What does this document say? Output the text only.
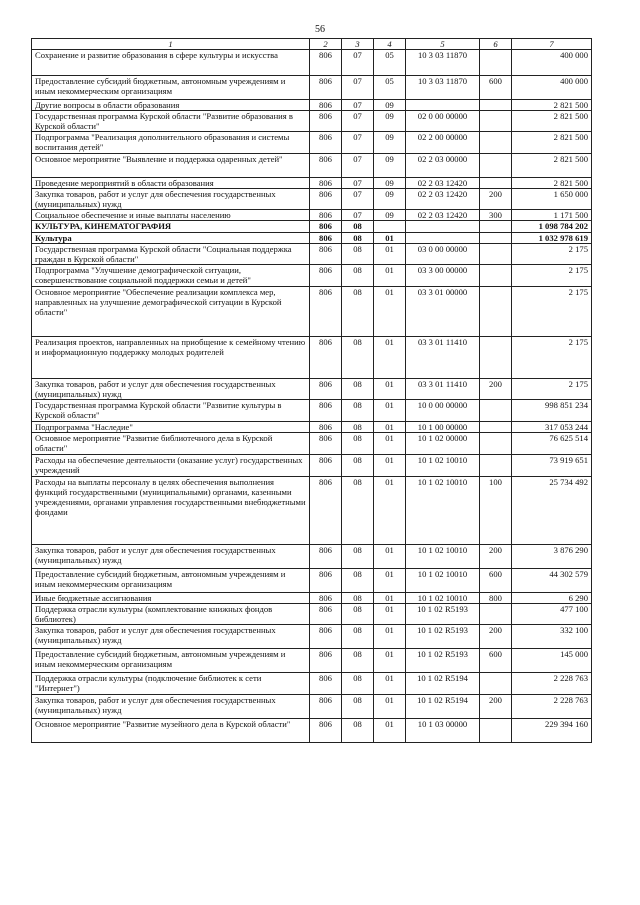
56
1	2	3	4	5	6	7
Сохранение и развитие образования в сфере культуры и искусства	806	07	05	10 3 03 11870		400 000
Предоставление субсидий бюджетным, автономным учреждениям и иным некоммерческим организациям	806	07	05	10 3 03 11870	600	400 000
Другие вопросы в области образования	806	07	09			2 821 500
Государственная программа Курской области "Развитие образования в Курской области"	806	07	09	02 0 00 00000		2 821 500
Подпрограмма "Реализация дополнительного образования и системы воспитания детей"	806	07	09	02 2 00 00000		2 821 500
Основное мероприятие "Выявление и поддержка одаренных детей"	806	07	09	02 2 03 00000		2 821 500
Проведение мероприятий в области образования	806	07	09	02 2 03 12420		2 821 500
Закупка товаров, работ и услуг для обеспечения государственных (муниципальных) нужд	806	07	09	02 2 03 12420	200	1 650 000
Социальное обеспечение и иные выплаты населению	806	07	09	02 2 03 12420	300	1 171 500
КУЛЬТУРА, КИНЕМАТОГРАФИЯ	806	08				1 098 784 202
Культура	806	08	01			1 032 978 619
Государственная программа Курской области "Социальная поддержка граждан в Курской области"	806	08	01	03 0 00 00000		2 175
Подпрограмма "Улучшение демографической ситуации, совершенствование социальной поддержки семьи и детей"	806	08	01	03 3 00 00000		2 175
Основное мероприятие "Обеспечение реализации комплекса мер, направленных на улучшение демографической ситуации в Курской области"	806	08	01	03 3 01 00000		2 175
Реализация проектов, направленных на приобщение к семейному чтению и информационную поддержку молодых родителей	806	08	01	03 3 01 11410		2 175
Закупка товаров, работ и услуг для обеспечения государственных (муниципальных) нужд	806	08	01	03 3 01 11410	200	2 175
Государственная программа Курской области "Развитие культуры в Курской области"	806	08	01	10 0 00 00000		998 851 234
Подпрограмма "Наследие"	806	08	01	10 1 00 00000		317 053 244
Основное мероприятие "Развитие библиотечного дела в Курской области"	806	08	01	10 1 02 00000		76 625 514
Расходы на обеспечение деятельности (оказание услуг) государственных учреждений	806	08	01	10 1 02 10010		73 919 651
Расходы на выплаты персоналу в целях обеспечения выполнения функций государственными (муниципальными) органами, казенными учреждениями, органами управления государственными внебюджетными фондами	806	08	01	10 1 02 10010	100	25 734 492
Закупка товаров, работ и услуг для обеспечения государственных (муниципальных) нужд	806	08	01	10 1 02 10010	200	3 876 290
Предоставление субсидий бюджетным, автономным учреждениям и иным некоммерческим организациям	806	08	01	10 1 02 10010	600	44 302 579
Иные бюджетные ассигнования	806	08	01	10 1 02 10010	800	6 290
Поддержка отрасли культуры (комплектование книжных фондов библиотек)	806	08	01	10 1 02 R5193		477 100
Закупка товаров, работ и услуг для обеспечения государственных (муниципальных) нужд	806	08	01	10 1 02 R5193	200	332 100
Предоставление субсидий бюджетным, автономным учреждениям и иным некоммерческим организациям	806	08	01	10 1 02 R5193	600	145 000
Поддержка отрасли культуры (подключение библиотек к сети "Интернет")	806	08	01	10 1 02 R5194		2 228 763
Закупка товаров, работ и услуг для обеспечения государственных (муниципальных) нужд	806	08	01	10 1 02 R5194	200	2 228 763
Основное мероприятие "Развитие музейного дела в Курской области"	806	08	01	10 1 03 00000		229 394 160
